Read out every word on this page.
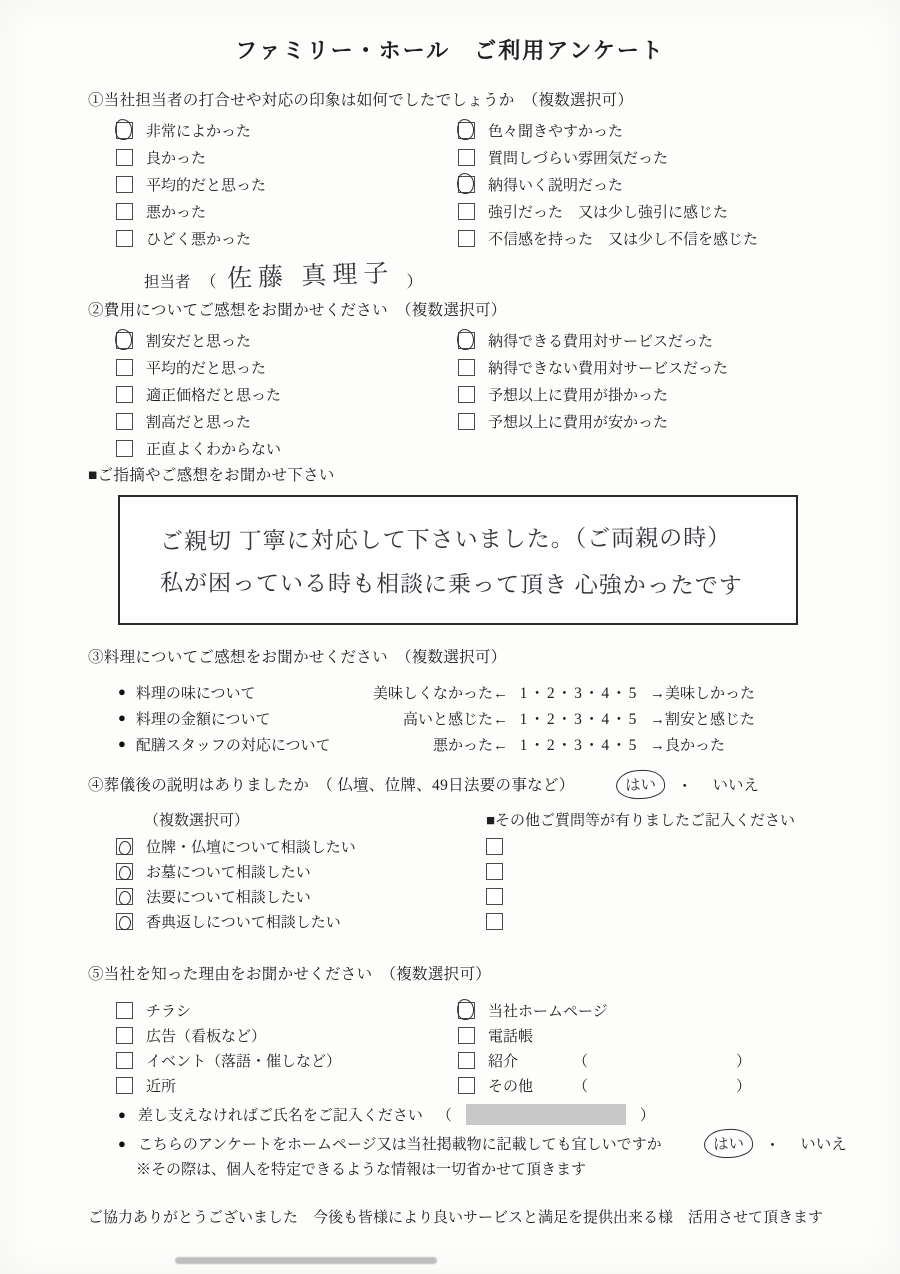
ファミリー・ホール　ご利用アンケート
①当社担当者の打合せや対応の印象は如何でしたでしょうか　（複数選択可）
非常によかった
良かった
平均的だと思った
悪かった
ひどく悪かった
色々聞きやすかった
質問しづらい雰囲気だった
納得いく説明だった
強引だった　又は少し強引に感じた
不信感を持った　又は少し不信を感じた
担当者 （ 佐藤 真理子 ）
②費用についてご感想をお聞かせください　（複数選択可）
割安だと思った
平均的だと思った
適正価格だと思った
割高だと思った
正直よくわからない
納得できる費用対サービスだった
納得できない費用対サービスだった
予想以上に費用が掛かった
予想以上に費用が安かった
■ご指摘やご感想をお聞かせ下さい
ご親切 丁寧に対応して下さいました。（ご両親の時）
私が困っている時も相談に乗って頂き 心強かったです
③料理についてご感想をお聞かせください　（複数選択可）
● 料理の味について	美味しくなかった← 1・2・3・4・5 →美味しかった
● 料理の金額について	高いと感じた← 1・2・3・4・5 →割安と感じた
● 配膳スタッフの対応について	悪かった← 1・2・3・4・5 →良かった
④葬儀後の説明はありましたか　（ 仏壇、位牌、49日法要の事など）	はい	・	いいえ
（複数選択可）
位牌・仏壇について相談したい
お墓について相談したい
法要について相談したい
香典返しについて相談したい
■その他ご質問等が有りましたご記入ください
⑤当社を知った理由をお聞かせください　（複数選択可）
チラシ
広告（看板など）
イベント（落語・催しなど）
近所
当社ホームページ
電話帳
紹介	（	）
その他	（	）
● 差し支えなければご氏名をご記入ください （	）
● こちらのアンケートをホームページ又は当社掲載物に記載しても宜しいですか	はい	・	いいえ
※その際は、個人を特定できるような情報は一切省かせて頂きます
ご協力ありがとうございました　今後も皆様により良いサービスと満足を提供出来る様　活用させて頂きます
